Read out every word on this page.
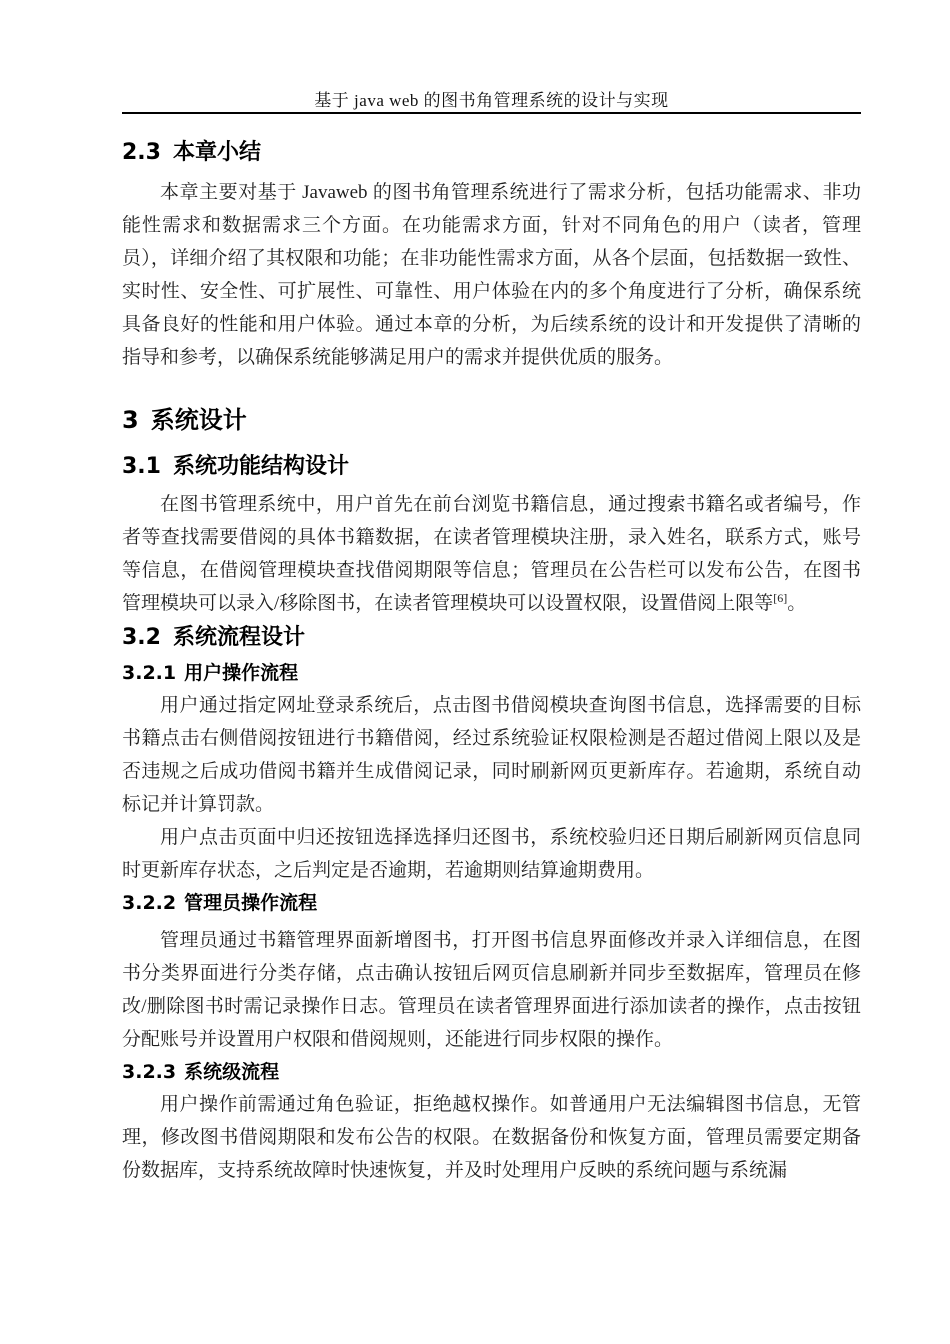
基于 java web 的图书角管理系统的设计与实现
2.3 本章小结

本章主要对基于 Javaweb 的图书角管理系统进行了需求分析，包括功能需求、非功能性需求和数据需求三个方面。在功能需求方面，针对不同角色的用户（读者，管理员），详细介绍了其权限和功能；在非功能性需求方面，从各个层面，包括数据一致性、实时性、安全性、可扩展性、可靠性、用户体验在内的多个角度进行了分析，确保系统具备良好的性能和用户体验。通过本章的分析，为后续系统的设计和开发提供了清晰的指导和参考，以确保系统能够满足用户的需求并提供优质的服务。

3 系统设计
3.1 系统功能结构设计

在图书管理系统中，用户首先在前台浏览书籍信息，通过搜索书籍名或者编号，作者等查找需要借阅的具体书籍数据，在读者管理模块注册，录入姓名，联系方式，账号等信息，在借阅管理模块查找借阅期限等信息；管理员在公告栏可以发布公告，在图书管理模块可以录入/移除图书，在读者管理模块可以设置权限，设置借阅上限等[6]。

3.2 系统流程设计
3.2.1 用户操作流程

用户通过指定网址登录系统后，点击图书借阅模块查询图书信息，选择需要的目标书籍点击右侧借阅按钮进行书籍借阅，经过系统验证权限检测是否超过借阅上限以及是否违规之后成功借阅书籍并生成借阅记录，同时刷新网页更新库存。若逾期，系统自动标记并计算罚款。

用户点击页面中归还按钮选择选择归还图书，系统校验归还日期后刷新网页信息同时更新库存状态，之后判定是否逾期，若逾期则结算逾期费用。

3.2.2 管理员操作流程

管理员通过书籍管理界面新增图书，打开图书信息界面修改并录入详细信息，在图书分类界面进行分类存储，点击确认按钮后网页信息刷新并同步至数据库，管理员在修改/删除图书时需记录操作日志。管理员在读者管理界面进行添加读者的操作，点击按钮分配账号并设置用户权限和借阅规则，还能进行同步权限的操作。

3.2.3 系统级流程

用户操作前需通过角色验证，拒绝越权操作。如普通用户无法编辑图书信息，无管理，修改图书借阅期限和发布公告的权限。在数据备份和恢复方面，管理员需要定期备份数据库，支持系统故障时快速恢复，并及时处理用户反映的系统问题与系统漏
